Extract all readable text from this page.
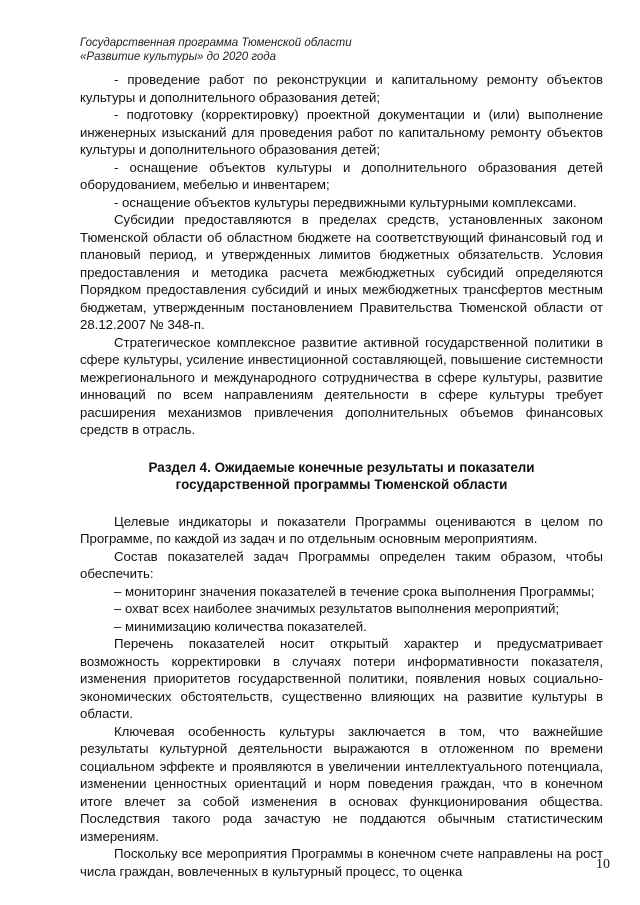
Государственная программа Тюменской области
«Развитие культуры» до 2020 года

- проведение работ по реконструкции и капитальному ремонту объектов культуры и дополнительного образования детей;

- подготовку (корректировку) проектной документации и (или) выполнение инженерных изысканий для проведения работ по капитальному ремонту объектов культуры и дополнительного образования детей;

- оснащение объектов культуры и дополнительного образования детей оборудованием, мебелью и инвентарем;

- оснащение объектов культуры передвижными культурными комплексами.

Субсидии предоставляются в пределах средств, установленных законом Тюменской области об областном бюджете на соответствующий финансовый год и плановый период, и утвержденных лимитов бюджетных обязательств. Условия предоставления и методика расчета межбюджетных субсидий определяются Порядком предоставления субсидий и иных межбюджетных трансфертов местным бюджетам, утвержденным постановлением Правительства Тюменской области от 28.12.2007 № 348-п.

Стратегическое комплексное развитие активной государственной политики в сфере культуры, усиление инвестиционной составляющей, повышение системности межрегионального и международного сотрудничества в сфере культуры, развитие инноваций по всем направлениям деятельности в сфере культуры требует расширения механизмов привлечения дополнительных объемов финансовых средств в отрасль.

Раздел 4. Ожидаемые конечные результаты и показатели
государственной программы Тюменской области

Целевые индикаторы и показатели Программы оцениваются в целом по Программе, по каждой из задач и по отдельным основным мероприятиям.

Состав показателей задач Программы определен таким образом, чтобы обеспечить:

– мониторинг значения показателей в течение срока выполнения Программы;

– охват всех наиболее значимых результатов выполнения мероприятий;

– минимизацию количества показателей.

Перечень показателей носит открытый характер и предусматривает возможность корректировки в случаях потери информативности показателя, изменения приоритетов государственной политики, появления новых социально-экономических обстоятельств, существенно влияющих на развитие культуры в области.

Ключевая особенность культуры заключается в том, что важнейшие результаты культурной деятельности выражаются в отложенном по времени социальном эффекте и проявляются в увеличении интеллектуального потенциала, изменении ценностных ориентаций и норм поведения граждан, что в конечном итоге влечет за собой изменения в основах функционирования общества. Последствия такого рода зачастую не поддаются обычным статистическим измерениям.

Поскольку все мероприятия Программы в конечном счете направлены на рост числа граждан, вовлеченных в культурный процесс, то оценка	10
